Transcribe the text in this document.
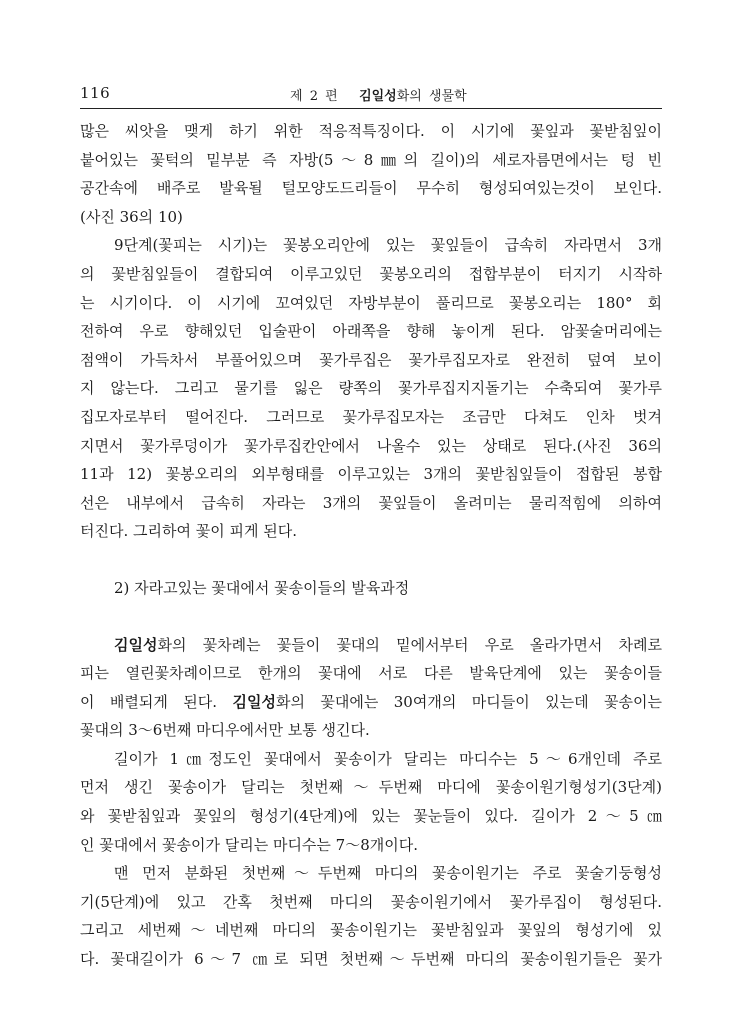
116	제 2 편 김일성화의 생물학
많은 씨앗을 맺게 하기 위한 적응적특징이다. 이 시기에 꽃잎과 꽃받침잎이
붙어있는 꽃턱의 밑부분 즉 자방(5～8㎜의 길이)의 세로자름면에서는 텅 빈
공간속에 배주로 발육될 털모양도드리들이 무수히 형성되여있는것이 보인다.
(사진 36의 10)
9단계(꽃피는 시기)는 꽃봉오리안에 있는 꽃잎들이 급속히 자라면서 3개
의 꽃받침잎들이 결합되여 이루고있던 꽃봉오리의 접합부분이 터지기 시작하
는 시기이다. 이 시기에 꼬여있던 자방부분이 풀리므로 꽃봉오리는 180° 회
전하여 우로 향해있던 입술판이 아래쪽을 향해 놓이게 된다. 암꽃술머리에는
점액이 가득차서 부풀어있으며 꽃가루집은 꽃가루집모자로 완전히 덮여 보이
지 않는다. 그리고 물기를 잃은 량쪽의 꽃가루집지지돌기는 수축되여 꽃가루
집모자로부터 떨어진다. 그러므로 꽃가루집모자는 조금만 다쳐도 인차 벗겨
지면서 꽃가루덩이가 꽃가루집칸안에서 나올수 있는 상태로 된다.(사진 36의
11과 12) 꽃봉오리의 외부형태를 이루고있는 3개의 꽃받침잎들이 접합된 봉합
선은 내부에서 급속히 자라는 3개의 꽃잎들이 올려미는 물리적힘에 의하여
터진다. 그리하여 꽃이 피게 된다.
2) 자라고있는 꽃대에서 꽃송이들의 발육과정
김일성화의 꽃차례는 꽃들이 꽃대의 밑에서부터 우로 올라가면서 차례로
피는 열린꽃차례이므로 한개의 꽃대에 서로 다른 발육단계에 있는 꽃송이들
이 배렬되게 된다. 김일성화의 꽃대에는 30여개의 마디들이 있는데 꽃송이는
꽃대의 3～6번째 마디우에서만 보통 생긴다.
길이가 1㎝정도인 꽃대에서 꽃송이가 달리는 마디수는 5～6개인데 주로
먼저 생긴 꽃송이가 달리는 첫번째～두번째 마디에 꽃송이원기형성기(3단계)
와 꽃받침잎과 꽃잎의 형성기(4단계)에 있는 꽃눈들이 있다. 길이가 2～5㎝
인 꽃대에서 꽃송이가 달리는 마디수는 7～8개이다.
맨 먼저 분화된 첫번째～두번째 마디의 꽃송이원기는 주로 꽃술기둥형성
기(5단계)에 있고 간혹 첫번째 마디의 꽃송이원기에서 꽃가루집이 형성된다.
그리고 세번째～네번째 마디의 꽃송이원기는 꽃받침잎과 꽃잎의 형성기에 있
다. 꽃대길이가 6～7 ㎝로 되면 첫번째～두번째 마디의 꽃송이원기들은 꽃가
